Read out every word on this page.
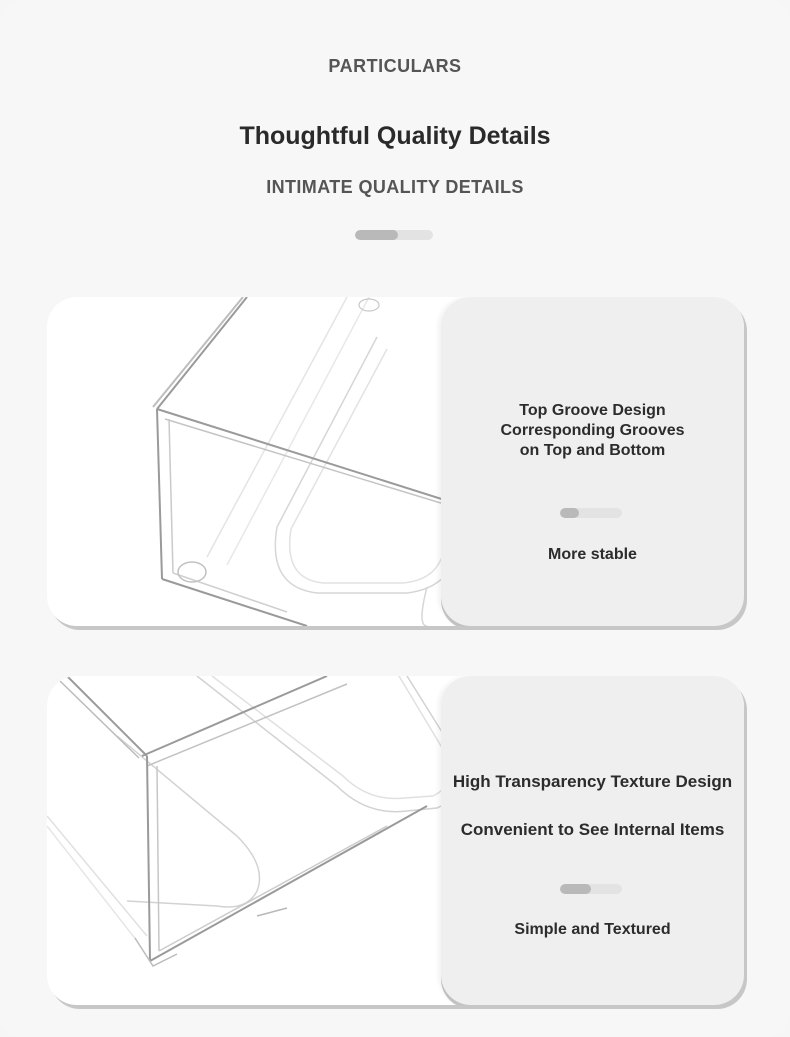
PARTICULARS
Thoughtful Quality Details
INTIMATE QUALITY DETAILS
Top Groove Design
Corresponding Grooves
on Top and Bottom
More stable
High Transparency Texture Design
Convenient to See Internal Items
Simple and Textured
